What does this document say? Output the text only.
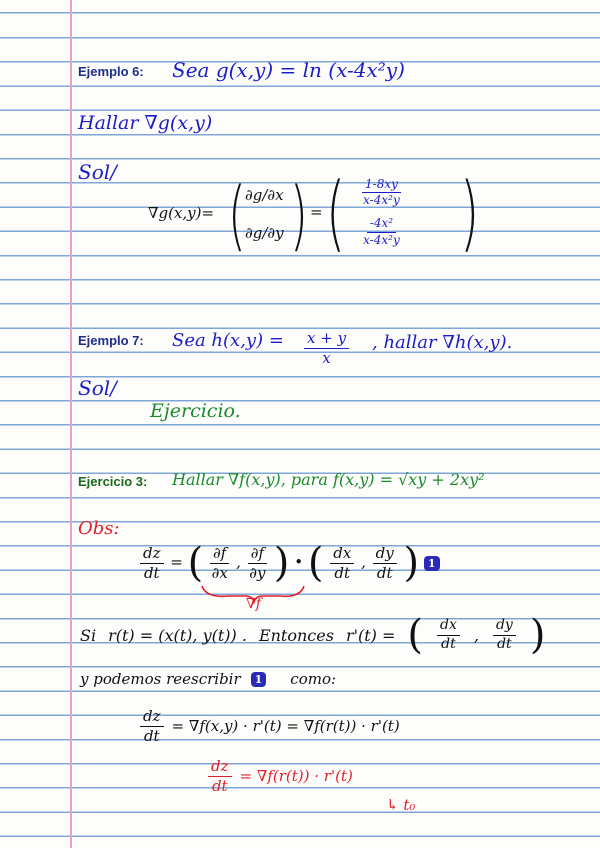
Ejemplo 6: Sea g(x,y) = ln (x-4x²y)
Hallar ∇g(x,y)
Sol/
∇g(x,y)= ( ∂g/∂x
∂g/∂y ) = ( $\frac{1-8xy}{\text{x-4x²y}}$
$\frac{\text{-4x²}}{\text{x-4x²y}}$ )
Ejemplo 7: Sea $h(x,y) = \frac{x + y}{x}$ , hallar ∇h(x,y).
Sol/
Ejercicio.
Ejercicio 3: Hallar ∇f(x,y), para f(x,y) = √xy + 2xy²
Obs:
$\frac{dz}{dt}$ = ( $\frac{\partial f}{\partial x}$ , $\frac{\partial f}{\partial y}$ ) • ( $\frac{dx}{dt}$ , $\frac{dy}{dt}$ ) 1
∇f
Si r(t) = (x(t), y(t)) . Entonces r'(t) = ( $\frac{dx}{dt}$ , $\frac{dy}{dt}$ )
y podemos reescribir	1 como:
$\frac{dz}{dt} = \nabla f(x,y) \cdot r'(t) = \nabla f(r(t)) \cdot r'(t)$
$\frac{dz}{dt} = \nabla f(r(t)) \cdot r'(t)$
↳ t₀
